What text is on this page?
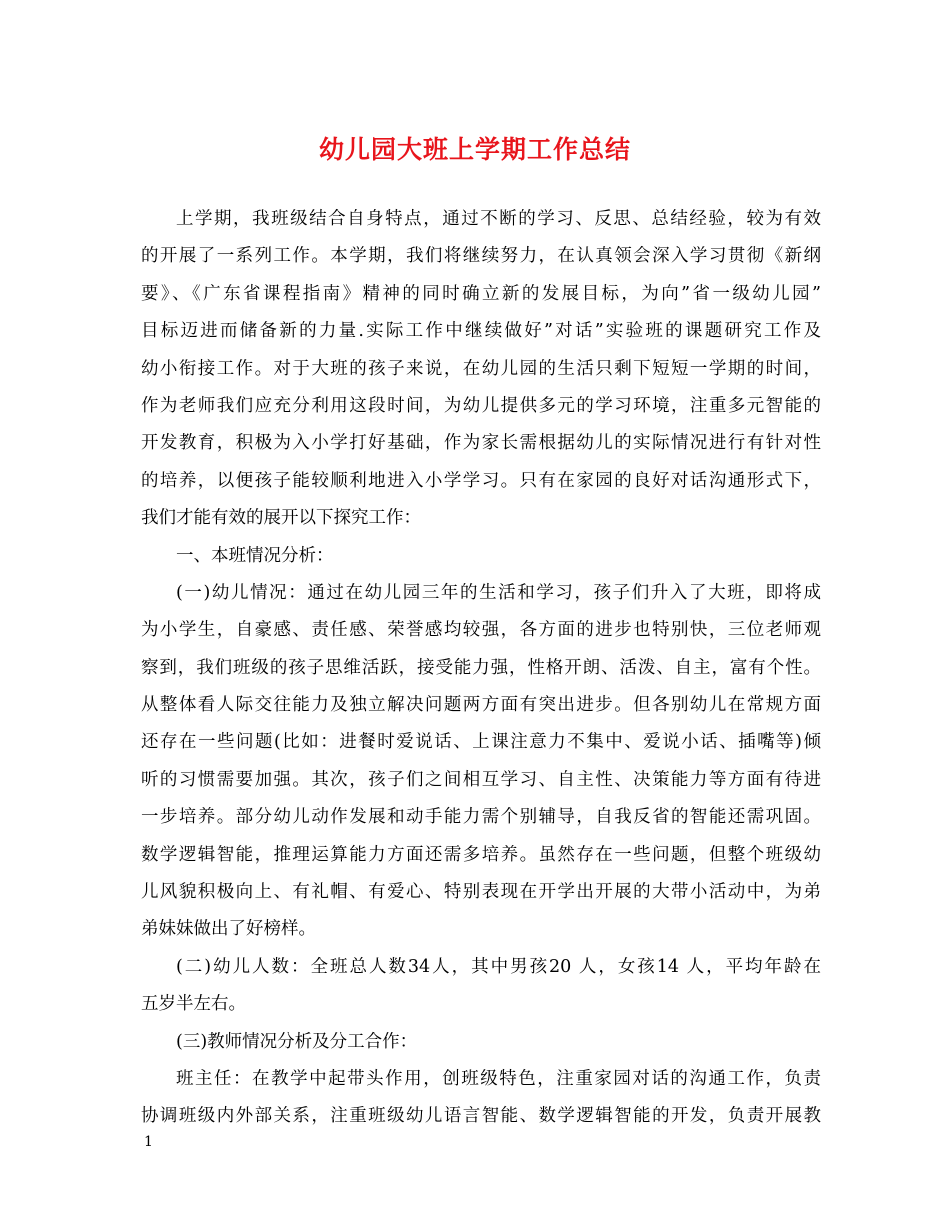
幼儿园大班上学期工作总结
上学期，我班级结合自身特点，通过不断的学习、反思、总结经验，较为有效
的开展了一系列工作。本学期，我们将继续努力，在认真领会深入学习贯彻《新纲
要》、《广东省课程指南》精神的同时确立新的发展目标，为向”省一级幼儿园”
目标迈进而储备新的力量.实际工作中继续做好”对话”实验班的课题研究工作及
幼小衔接工作。对于大班的孩子来说，在幼儿园的生活只剩下短短一学期的时间，
作为老师我们应充分利用这段时间，为幼儿提供多元的学习环境，注重多元智能的
开发教育，积极为入小学打好基础，作为家长需根据幼儿的实际情况进行有针对性
的培养，以便孩子能较顺利地进入小学学习。只有在家园的良好对话沟通形式下，
我们才能有效的展开以下探究工作：
一、本班情况分析：
(一)幼儿情况：通过在幼儿园三年的生活和学习，孩子们升入了大班，即将成
为小学生，自豪感、责任感、荣誉感均较强，各方面的进步也特别快，三位老师观
察到，我们班级的孩子思维活跃，接受能力强，性格开朗、活泼、自主，富有个性。
从整体看人际交往能力及独立解决问题两方面有突出进步。但各别幼儿在常规方面
还存在一些问题(比如：进餐时爱说话、上课注意力不集中、爱说小话、插嘴等)倾
听的习惯需要加强。其次，孩子们之间相互学习、自主性、决策能力等方面有待进
一步培养。部分幼儿动作发展和动手能力需个别辅导，自我反省的智能还需巩固。
数学逻辑智能，推理运算能力方面还需多培养。虽然存在一些问题，但整个班级幼
儿风貌积极向上、有礼帽、有爱心、特别表现在开学出开展的大带小活动中，为弟
弟妹妹做出了好榜样。
(二)幼儿人数：全班总人数34人，其中男孩20 人，女孩14 人，平均年龄在
五岁半左右。
(三)教师情况分析及分工合作：
班主任：在教学中起带头作用，创班级特色，注重家园对话的沟通工作，负责
协调班级内外部关系，注重班级幼儿语言智能、数学逻辑智能的开发，负责开展教
1
